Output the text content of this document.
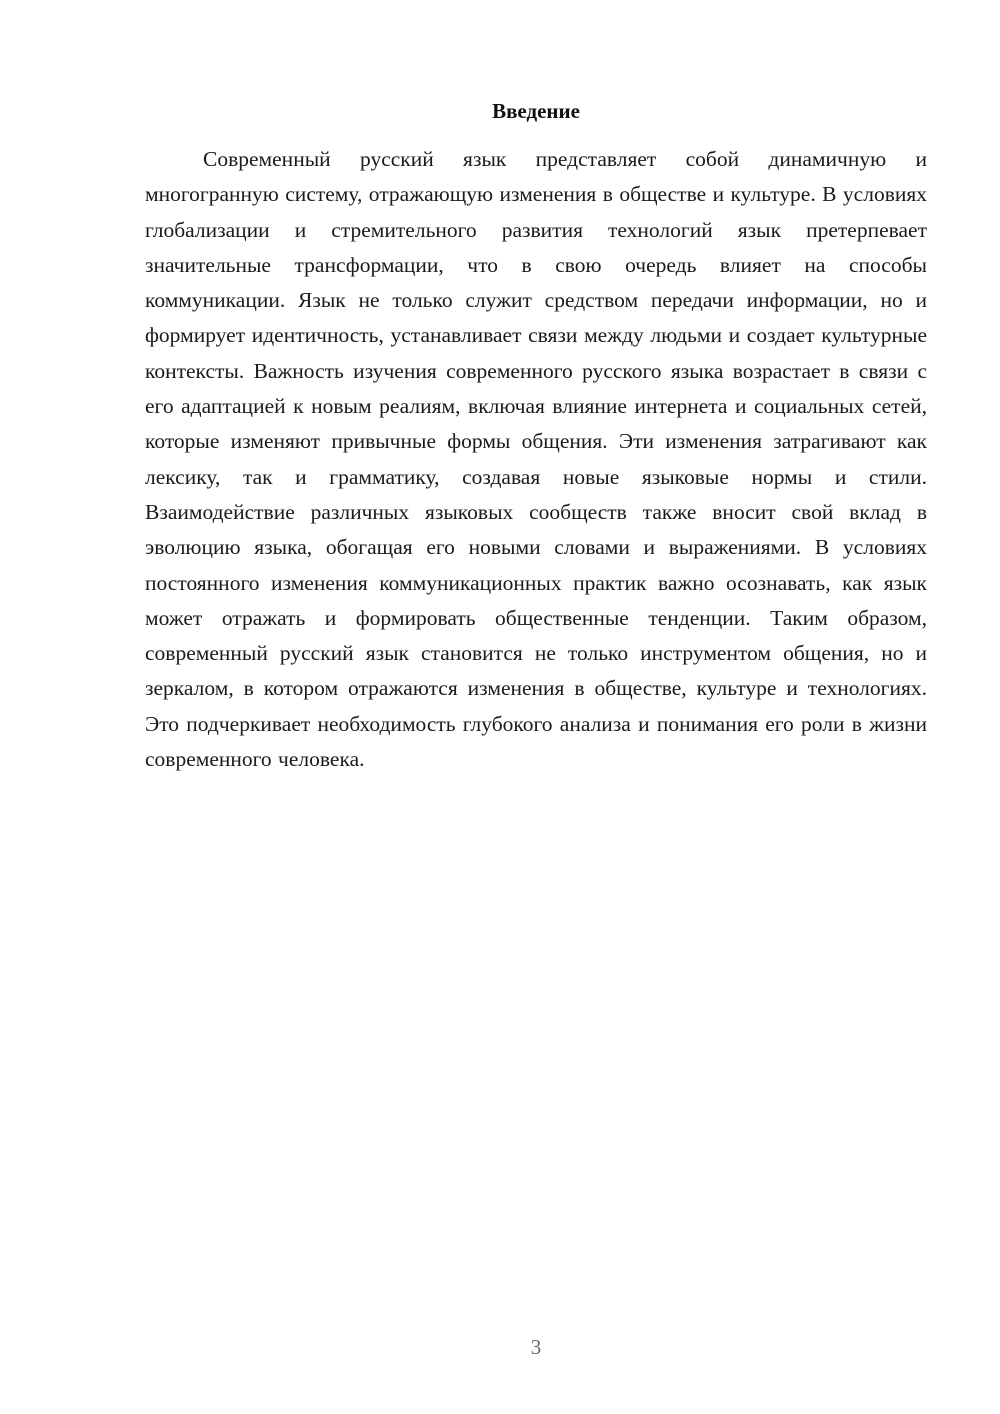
Введение

Современный русский язык представляет собой динамичную и многогранную систему, отражающую изменения в обществе и культуре. В условиях глобализации и стремительного развития технологий язык претерпевает значительные трансформации, что в свою очередь влияет на способы коммуникации. Язык не только служит средством передачи информации, но и формирует идентичность, устанавливает связи между людьми и создает культурные контексты. Важность изучения современного русского языка возрастает в связи с его адаптацией к новым реалиям, включая влияние интернета и социальных сетей, которые изменяют привычные формы общения. Эти изменения затрагивают как лексику, так и грамматику, создавая новые языковые нормы и стили. Взаимодействие различных языковых сообществ также вносит свой вклад в эволюцию языка, обогащая его новыми словами и выражениями. В условиях постоянного изменения коммуникационных практик важно осознавать, как язык может отражать и формировать общественные тенденции. Таким образом, современный русский язык становится не только инструментом общения, но и зеркалом, в котором отражаются изменения в обществе, культуре и технологиях. Это подчеркивает необходимость глубокого анализа и понимания его роли в жизни современного человека.

3
